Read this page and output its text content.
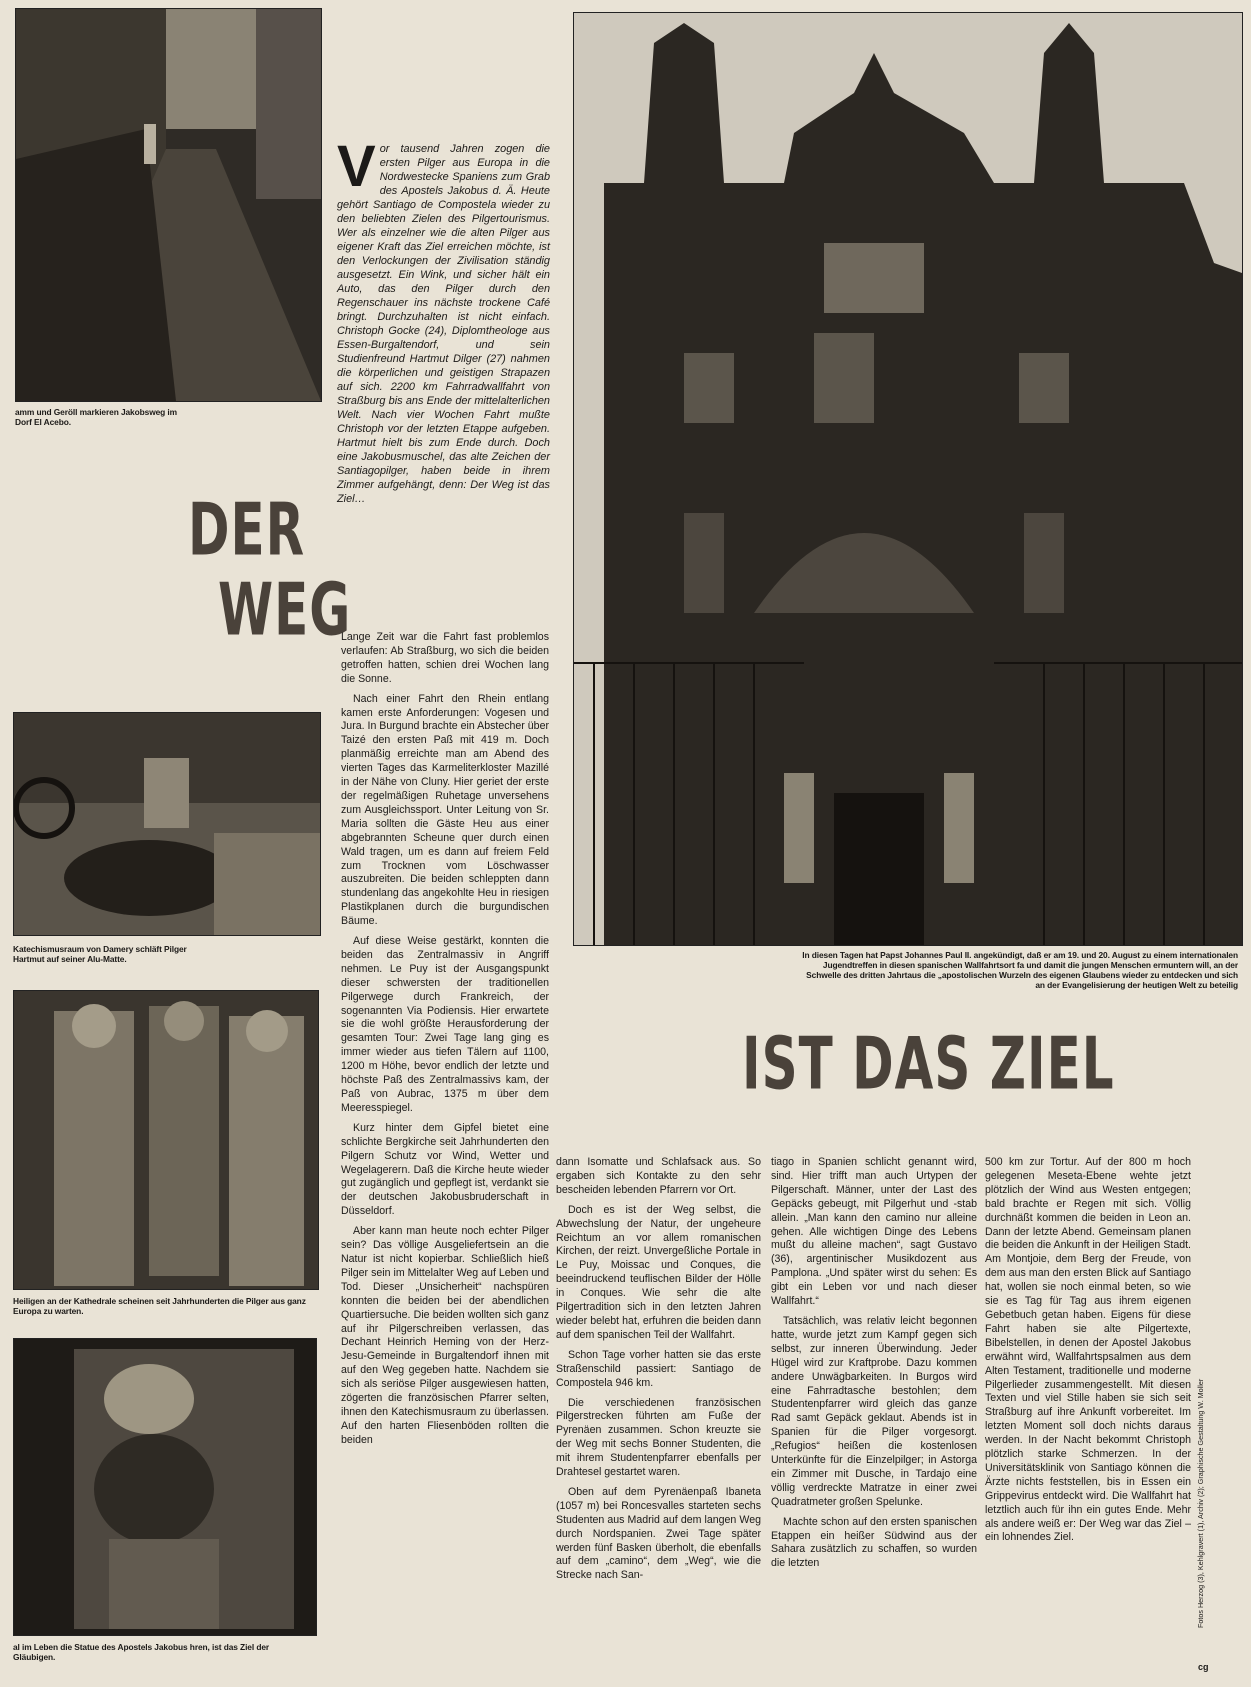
amm und Geröll markieren Jakobsweg im Dorf El Acebo.
DER
WEG
Vor tausend Jahren zogen die ersten Pilger aus Europa in die Nordwestecke Spaniens zum Grab des Apostels Jakobus d. Ä. Heute gehört Santiago de Compostela wieder zu den beliebten Zielen des Pilgertourismus. Wer als einzelner wie die alten Pilger aus eigener Kraft das Ziel erreichen möchte, ist den Verlockungen der Zivilisation ständig ausgesetzt. Ein Wink, und sicher hält ein Auto, das den Pilger durch den Regenschauer ins nächste trockene Café bringt. Durchzuhalten ist nicht einfach. Christoph Gocke (24), Diplomtheologe aus Essen-Burgaltendorf, und sein Studienfreund Hartmut Dilger (27) nahmen die körperlichen und geistigen Strapazen auf sich. 2200 km Fahrradwallfahrt von Straßburg bis ans Ende der mittelalterlichen Welt. Nach vier Wochen Fahrt mußte Christoph vor der letzten Etappe aufgeben. Hartmut hielt bis zum Ende durch. Doch eine Jakobusmuschel, das alte Zeichen der Santiagopilger, haben beide in ihrem Zimmer aufgehängt, denn: Der Weg ist das Ziel…
Katechismusraum von Damery schläft Pilger Hartmut auf seiner Alu-Matte.
Heiligen an der Kathedrale scheinen seit Jahrhunderten die Pilger aus ganz Europa zu warten.
al im Leben die Statue des Apostels Jakobus hren, ist das Ziel der Gläubigen.

Lange Zeit war die Fahrt fast problemlos verlaufen: Ab Straßburg, wo sich die beiden getroffen hatten, schien drei Wochen lang die Sonne.

Nach einer Fahrt den Rhein entlang kamen erste Anforderungen: Vogesen und Jura. In Burgund brachte ein Abstecher über Taizé den ersten Paß mit 419 m. Doch planmäßig erreichte man am Abend des vierten Tages das Karmeliterkloster Mazillé in der Nähe von Cluny. Hier geriet der erste der regelmäßigen Ruhetage unversehens zum Ausgleichssport. Unter Leitung von Sr. Maria sollten die Gäste Heu aus einer abgebrannten Scheune quer durch einen Wald tragen, um es dann auf freiem Feld zum Trocknen vom Löschwasser auszubreiten. Die beiden schleppten dann stundenlang das angekohlte Heu in riesigen Plastikplanen durch die burgundischen Bäume.

Auf diese Weise gestärkt, konnten die beiden das Zentralmassiv in Angriff nehmen. Le Puy ist der Ausgangspunkt dieser schwersten der traditionellen Pilgerwege durch Frankreich, der sogenannten Via Podiensis. Hier erwartete sie die wohl größte Herausforderung der gesamten Tour: Zwei Tage lang ging es immer wieder aus tiefen Tälern auf 1100, 1200 m Höhe, bevor endlich der letzte und höchste Paß des Zentralmassivs kam, der Paß von Aubrac, 1375 m über dem Meeresspiegel.

Kurz hinter dem Gipfel bietet eine schlichte Bergkirche seit Jahrhunderten den Pilgern Schutz vor Wind, Wetter und Wegelagerern. Daß die Kirche heute wieder gut zugänglich und gepflegt ist, verdankt sie der deutschen Jakobusbruderschaft in Düsseldorf.

Aber kann man heute noch echter Pilger sein? Das völlige Ausgeliefertsein an die Natur ist nicht kopierbar. Schließlich hieß Pilger sein im Mittelalter Weg auf Leben und Tod. Dieser „Unsicherheit“ nachspüren konnten die beiden bei der abendlichen Quartiersuche. Die beiden wollten sich ganz auf ihr Pilgerschreiben verlassen, das Dechant Heinrich Heming von der Herz-Jesu-Gemeinde in Burgaltendorf ihnen mit auf den Weg gegeben hatte. Nachdem sie sich als seriöse Pilger ausgewiesen hatten, zögerten die französischen Pfarrer selten, ihnen den Katechismusraum zu überlassen. Auf den harten Fliesenböden rollten die beiden

In diesen Tagen hat Papst Johannes Paul II. angekündigt, daß er am 19. und 20. August zu einem internationalen Jugendtreffen in diesen spanischen Wallfahrtsort fa und damit die jungen Menschen ermuntern will, an der Schwelle des dritten Jahrtaus die „apostolischen Wurzeln des eigenen Glaubens wieder zu entdecken und sich an der Evangelisierung der heutigen Welt zu beteilig
IST DAS ZIEL

dann Isomatte und Schlafsack aus. So ergaben sich Kontakte zu den sehr bescheiden lebenden Pfarrern vor Ort.

Doch es ist der Weg selbst, die Abwechslung der Natur, der ungeheure Reichtum an vor allem romanischen Kirchen, der reizt. Unvergeßliche Portale in Le Puy, Moissac und Conques, die beeindruckend teuflischen Bilder der Hölle in Conques. Wie sehr die alte Pilgertradition sich in den letzten Jahren wieder belebt hat, erfuhren die beiden dann auf dem spanischen Teil der Wallfahrt.

Schon Tage vorher hatten sie das erste Straßenschild passiert: Santiago de Compostela 946 km.

Die verschiedenen französischen Pilgerstrecken führten am Fuße der Pyrenäen zusammen. Schon kreuzte sie der Weg mit sechs Bonner Studenten, die mit ihrem Studentenpfarrer ebenfalls per Drahtesel gestartet waren.

Oben auf dem Pyrenäenpaß Ibaneta (1057 m) bei Roncesvalles starteten sechs Studenten aus Madrid auf dem langen Weg durch Nordspanien. Zwei Tage später werden fünf Basken überholt, die ebenfalls auf dem „camino“, dem „Weg“, wie die Strecke nach San-

tiago in Spanien schlicht genannt wird, sind. Hier trifft man auch Urtypen der Pilgerschaft. Männer, unter der Last des Gepäcks gebeugt, mit Pilgerhut und -stab allein. „Man kann den camino nur alleine gehen. Alle wichtigen Dinge des Lebens mußt du alleine machen“, sagt Gustavo (36), argentinischer Musikdozent aus Pamplona. „Und später wirst du sehen: Es gibt ein Leben vor und nach dieser Wallfahrt.“

Tatsächlich, was relativ leicht begonnen hatte, wurde jetzt zum Kampf gegen sich selbst, zur inneren Überwindung. Jeder Hügel wird zur Kraftprobe. Dazu kommen andere Unwägbarkeiten. In Burgos wird eine Fahrradtasche bestohlen; dem Studentenpfarrer wird gleich das ganze Rad samt Gepäck geklaut. Abends ist in Spanien für die Pilger vorgesorgt. „Refugios“ heißen die kostenlosen Unterkünfte für die Einzelpilger; in Astorga ein Zimmer mit Dusche, in Tardajo eine völlig verdreckte Matratze in einer zwei Quadratmeter großen Spelunke.

Machte schon auf den ersten spanischen Etappen ein heißer Südwind aus der Sahara zusätzlich zu schaffen, so wurden die letzten

500 km zur Tortur. Auf der 800 m hoch gelegenen Meseta-Ebene wehte jetzt plötzlich der Wind aus Westen entgegen; bald brachte er Regen mit sich. Völlig durchnäßt kommen die beiden in Leon an. Dann der letzte Abend. Gemeinsam planen die beiden die Ankunft in der Heiligen Stadt. Am Montjoie, dem Berg der Freude, von dem aus man den ersten Blick auf Santiago hat, wollen sie noch einmal beten, so wie sie es Tag für Tag aus ihrem eigenen Gebetbuch getan haben. Eigens für diese Fahrt haben sie alte Pilgertexte, Bibelstellen, in denen der Apostel Jakobus erwähnt wird, Wallfahrtspsalmen aus dem Alten Testament, traditionelle und moderne Pilgerlieder zusammengestellt. Mit diesen Texten und viel Stille haben sie sich seit Straßburg auf ihre Ankunft vorbereitet. Im letzten Moment soll doch nichts daraus werden. In der Nacht bekommt Christoph plötzlich starke Schmerzen. In der Universitätsklinik von Santiago können die Ärzte nichts feststellen, bis in Essen ein Grippevirus entdeckt wird. Die Wallfahrt hat letztlich auch für ihn ein gutes Ende. Mehr als andere weiß er: Der Weg war das Ziel – ein lohnendes Ziel.	Fotos Herzog (3), Kehlgravert (1), Archiv (2); Graphische Gestaltung W. Moller
cg
